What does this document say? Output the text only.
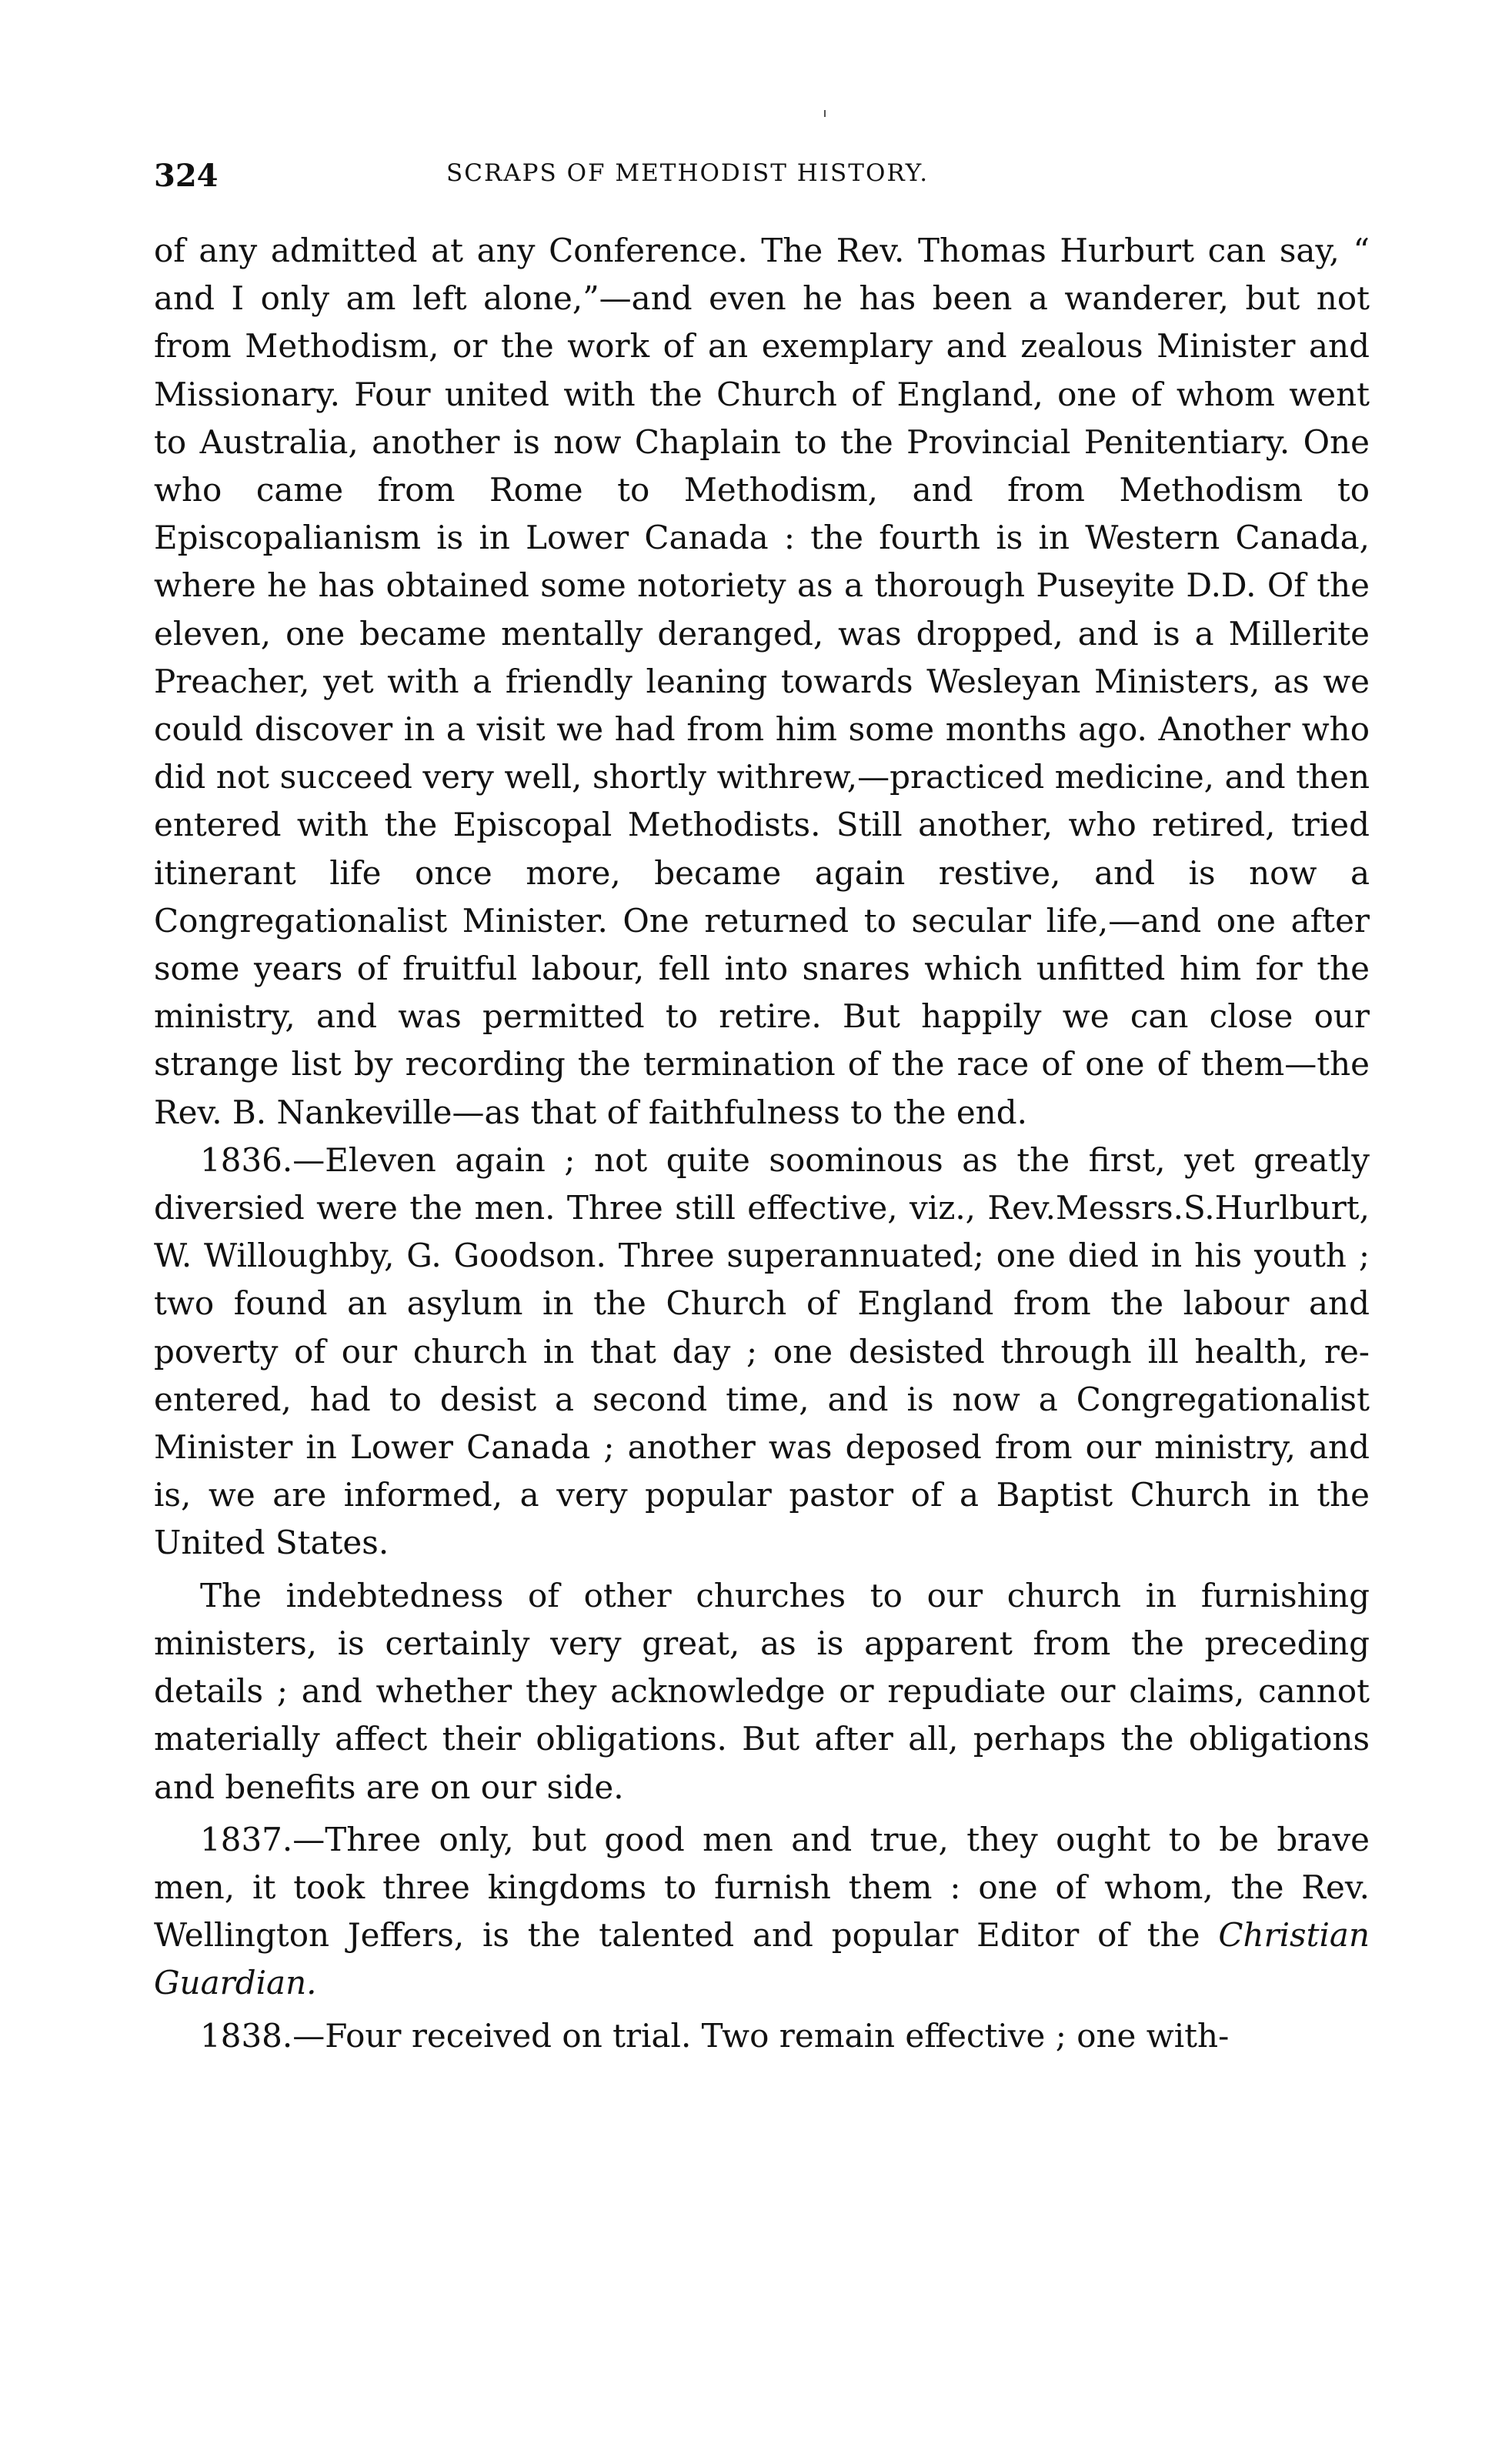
324	SCRAPS OF METHODIST HISTORY.

of any admitted at any Conference. The Rev. Thomas Hurburt can say, “ and I only am left alone,”—and even he has been a wanderer, but not from Methodism, or the work of an exemplary and zealous Minister and Missionary. Four united with the Church of England, one of whom went to Australia, another is now Chaplain to the Provincial Penitentiary. One who came from Rome to Methodism, and from Methodism to Episcopalianism is in Lower Canada : the fourth is in Western Canada, where he has obtained some notoriety as a thorough Puseyite D.D. Of the eleven, one became mentally deranged, was dropped, and is a Millerite Preacher, yet with a friendly leaning towards Wesleyan Ministers, as we could discover in a visit we had from him some months ago. Another who did not succeed very well, shortly withrew,—practiced medicine, and then entered with the Episcopal Methodists. Still another, who retired, tried itinerant life once more, became again restive, and is now a Congregationalist Minister. One returned to secular life,—and one after some years of fruitful labour, fell into snares which unfitted him for the ministry, and was permitted to retire. But happily we can close our strange list by recording the termination of the race of one of them—the Rev. B. Nankeville—as that of faithfulness to the end.

1836.—Eleven again ; not quite soominous as the first, yet greatly diversied were the men. Three still effective, viz., Rev.Messrs.S.Hurlburt, W. Willoughby, G. Goodson. Three superannuated; one died in his youth ; two found an asylum in the Church of England from the labour and poverty of our church in that day ; one desisted through ill health, re-entered, had to desist a second time, and is now a Congregationalist Minister in Lower Canada ; another was deposed from our ministry, and is, we are informed, a very popular pastor of a Baptist Church in the United States.

The indebtedness of other churches to our church in furnishing ministers, is certainly very great, as is apparent from the preceding details ; and whether they acknowledge or repudiate our claims, cannot materially affect their obligations. But after all, perhaps the obligations and benefits are on our side.

1837.—Three only, but good men and true, they ought to be brave men, it took three kingdoms to furnish them : one of whom, the Rev. Wellington Jeffers, is the talented and popular Editor of the Christian Guardian.

1838.—Four received on trial. Two remain effective ; one with-
